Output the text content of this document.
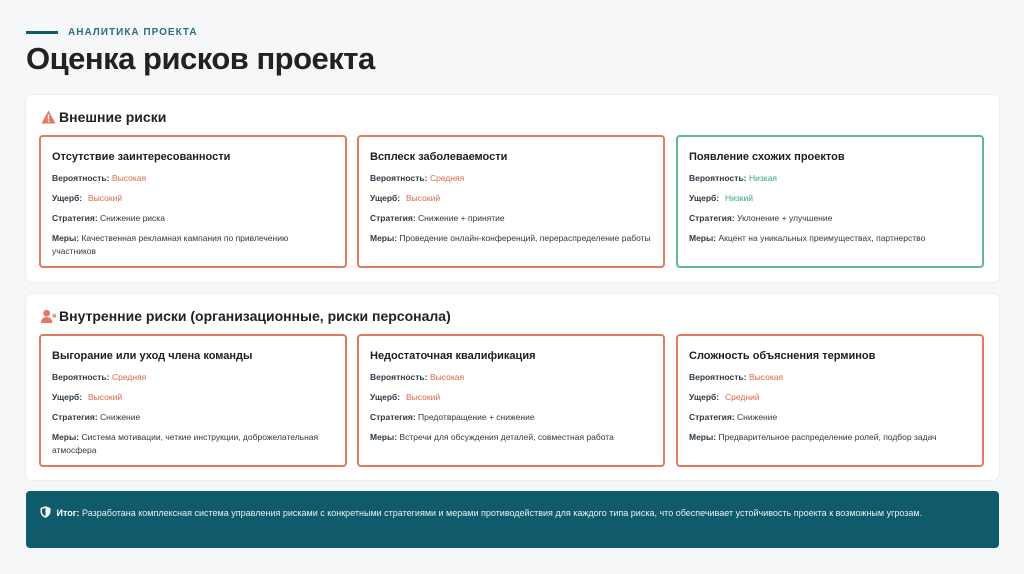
АНАЛИТИКА ПРОЕКТА
Оценка рисков проекта
Внешние риски
Отсутствие заинтересованности
Вероятность: Высокая
Ущерб: Высокий
Стратегия: Снижение риска
Меры: Качественная рекламная кампания по привлечению участников
Всплеск заболеваемости
Вероятность: Средняя
Ущерб: Высокий
Стратегия: Снижение + принятие
Меры: Проведение онлайн-конференций, перераспределение работы
Появление схожих проектов
Вероятность: Низкая
Ущерб: Низкий
Стратегия: Уклонение + улучшение
Меры: Акцент на уникальных преимуществах, партнерство
Внутренние риски (организационные, риски персонала)
Выгорание или уход члена команды
Вероятность: Средняя
Ущерб: Высокий
Стратегия: Снижение
Меры: Система мотивации, четкие инструкции, доброжелательная атмосфера
Недостаточная квалификация
Вероятность: Высокая
Ущерб: Высокий
Стратегия: Предотвращение + снижение
Меры: Встречи для обсуждения деталей, совместная работа
Сложность объяснения терминов
Вероятность: Высокая
Ущерб: Средний
Стратегия: Снижение
Меры: Предварительное распределение ролей, подбор задач
Итог: Разработана комплексная система управления рисками с конкретными стратегиями и мерами противодействия для каждого типа риска, что обеспечивает устойчивость проекта к возможным угрозам.
